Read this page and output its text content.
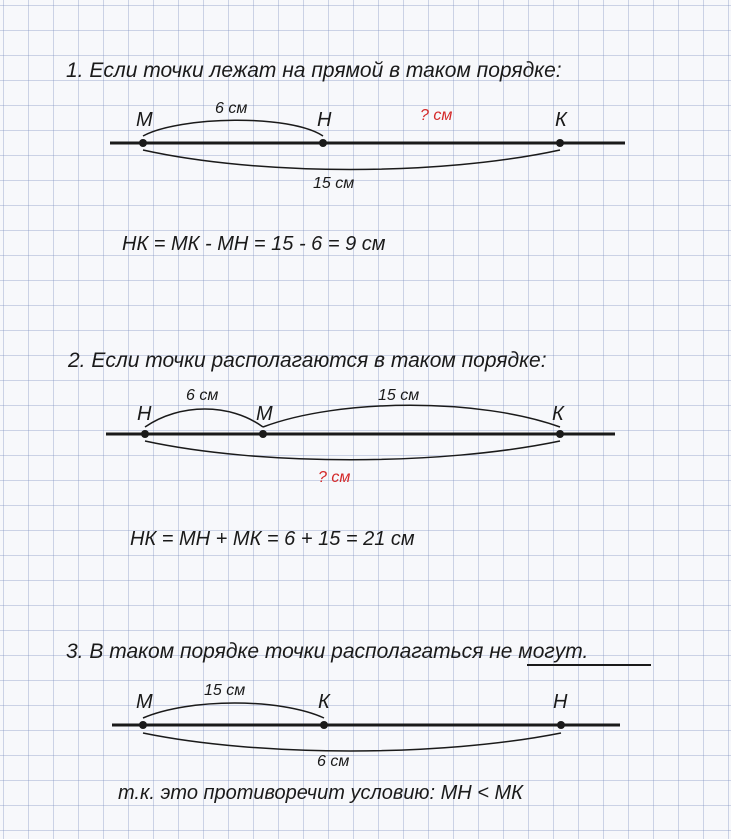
1. Если точки лежат на прямой в таком порядке:
М	Н	К
6 см	? см
15 см
НК = МК - МН = 15 - 6 = 9 см
2. Если точки располагаются в таком порядке:
Н	М	К
6 см	15 см
? см
НК = МН + МК = 6 + 15 = 21 см
3. В таком порядке точки располагаться не могут.
М	К	Н
15 см
6 см
т.к. это противоречит условию: МН < МК
